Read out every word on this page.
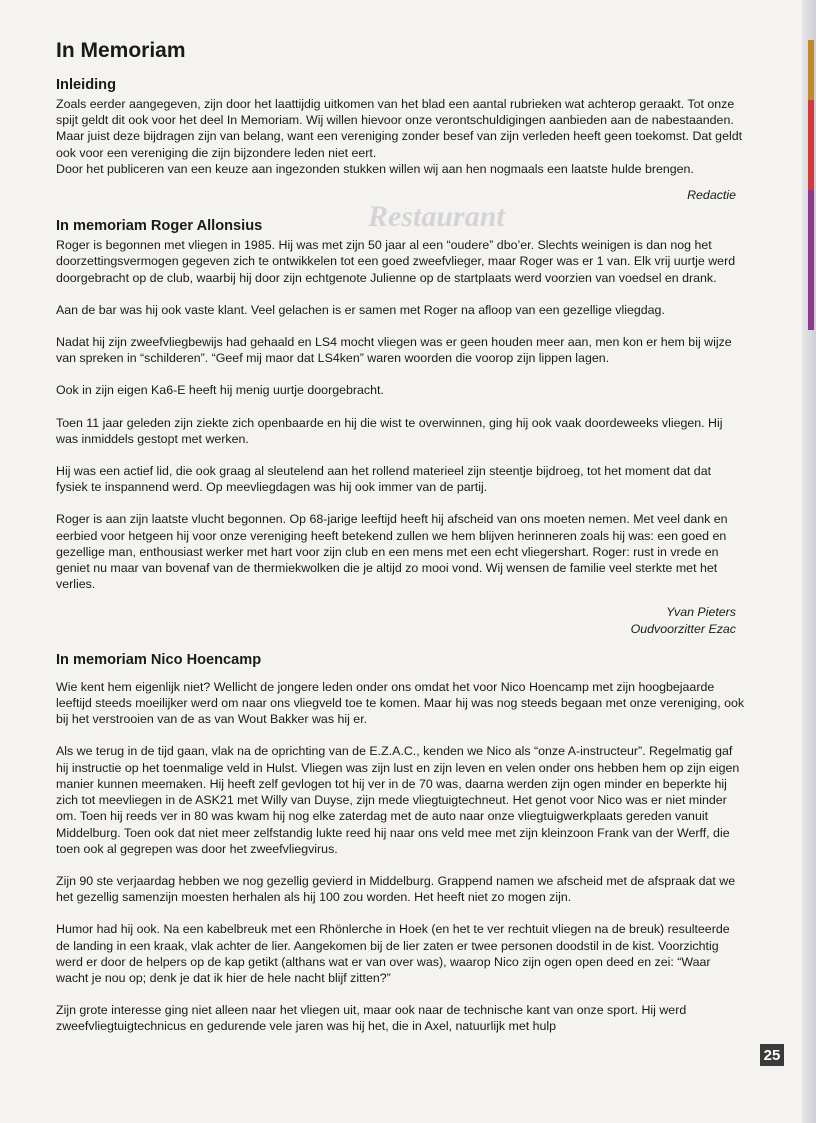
Restaurant
In Memoriam
Inleiding

Zoals eerder aangegeven, zijn door het laattijdig uitkomen van het blad een aantal rubrieken wat achterop geraakt. Tot onze spijt geldt dit ook voor het deel In Memoriam. Wij willen hievoor onze verontschuldigingen aanbieden aan de nabestaanden. Maar juist deze bijdragen zijn van belang, want een vereniging zonder besef van zijn verleden heeft geen toekomst. Dat geldt ook voor een vereniging die zijn bijzondere leden niet eert.

Door het publiceren van een keuze aan ingezonden stukken willen wij aan hen nogmaals een laatste hulde brengen.

Redactie

In memoriam Roger Allonsius

Roger is begonnen met vliegen in 1985. Hij was met zijn 50 jaar al een “oudere” dbo’er. Slechts weinigen is dan nog het doorzettingsvermogen gegeven zich te ontwikkelen tot een goed zweefvlieger, maar Roger was er 1 van. Elk vrij uurtje werd doorgebracht op de club, waarbij hij door zijn echtgenote Julienne op de startplaats werd voorzien van voedsel en drank.

Aan de bar was hij ook vaste klant. Veel gelachen is er samen met Roger na afloop van een gezellige vliegdag.

Nadat hij zijn zweefvliegbewijs had gehaald en LS4 mocht vliegen was er geen houden meer aan, men kon er hem bij wijze van spreken in “schilderen”. “Geef mij maor dat LS4ken” waren woorden die voorop zijn lippen lagen.

Ook in zijn eigen Ka6-E heeft hij menig uurtje doorgebracht.

Toen 11 jaar geleden zijn ziekte zich openbaarde en hij die wist te overwinnen, ging hij ook vaak doordeweeks vliegen. Hij was inmiddels gestopt met werken.

Hij was een actief lid, die ook graag al sleutelend aan het rollend materieel zijn steentje bijdroeg, tot het moment dat dat fysiek te inspannend werd. Op meevliegdagen was hij ook immer van de partij.

Roger is aan zijn laatste vlucht begonnen. Op 68-jarige leeftijd heeft hij afscheid van ons moeten nemen. Met veel dank en eerbied voor hetgeen hij voor onze vereniging heeft betekend zullen we hem blijven herinneren zoals hij was: een goed en gezellige man, enthousiast werker met hart voor zijn club en een mens met een echt vliegershart. Roger: rust in vrede en geniet nu maar van bovenaf van de thermiekwolken die je altijd zo mooi vond. Wij wensen de familie veel sterkte met het verlies.

Yvan Pieters

Oudvoorzitter Ezac

In memoriam Nico Hoencamp

Wie kent hem eigenlijk niet? Wellicht de jongere leden onder ons omdat het voor Nico Hoencamp met zijn hoogbejaarde leeftijd steeds moeilijker werd om naar ons vliegveld toe te komen. Maar hij was nog steeds begaan met onze vereniging, ook bij het verstrooien van de as van Wout Bakker was hij er.

Als we terug in de tijd gaan, vlak na de oprichting van de E.Z.A.C., kenden we Nico als “onze A-instructeur”. Regelmatig gaf hij instructie op het toenmalige veld in Hulst. Vliegen was zijn lust en zijn leven en velen onder ons hebben hem op zijn eigen manier kunnen meemaken. Hij heeft zelf gevlogen tot hij ver in de 70 was, daarna werden zijn ogen minder en beperkte hij zich tot meevliegen in de ASK21 met Willy van Duyse, zijn mede vliegtuigtechneut. Het genot voor Nico was er niet minder om. Toen hij reeds ver in 80 was kwam hij nog elke zaterdag met de auto naar onze vliegtuigwerkplaats gereden vanuit Middelburg. Toen ook dat niet meer zelfstandig lukte reed hij naar ons veld mee met zijn kleinzoon Frank van der Werff, die toen ook al gegrepen was door het zweefvliegvirus.

Zijn 90 ste verjaardag hebben we nog gezellig gevierd in Middelburg. Grappend namen we afscheid met de afspraak dat we het gezellig samenzijn moesten herhalen als hij 100 zou worden. Het heeft niet zo mogen zijn.

Humor had hij ook. Na een kabelbreuk met een Rhönlerche in Hoek (en het te ver rechtuit vliegen na de breuk) resulteerde de landing in een kraak, vlak achter de lier. Aangekomen bij de lier zaten er twee personen doodstil in de kist. Voorzichtig werd er door de helpers op de kap getikt (althans wat er van over was), waarop Nico zijn ogen open deed en zei: “Waar wacht je nou op; denk je dat ik hier de hele nacht blijf zitten?”

Zijn grote interesse ging niet alleen naar het vliegen uit, maar ook naar de technische kant van onze sport. Hij werd zweefvliegtuigtechnicus en gedurende vele jaren was hij het, die in Axel, natuurlijk met hulp

25
